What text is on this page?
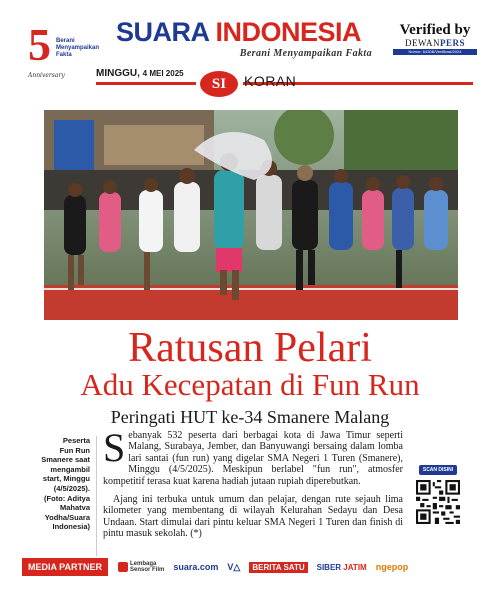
5 Berani
Menyampaikan
Fakta
Anniversary
SUARA INDONESIA
Berani Menyampaikan Fakta
Verified by
DEWANPERS
Nomor: 6430B/Verifikasi/2024
MINGGU, 4 MEI 2025
SI	KORAN
Ratusan Pelari
Adu Kecepatan di Fun Run
Peringati HUT ke-34 Smanere Malang
Peserta
Fun Run
Smanere saat
mengambil
start, Minggu
(4/5/2025).
(Foto: Aditya
Mahatva
Yodha/Suara
Indonesia)

Sebanyak 532 peserta dari berbagai kota di Jawa Timur seperti Malang, Surabaya, Jember, dan Banyuwangi bersaing dalam lomba lari santai (fun run) yang digelar SMA Negeri 1 Turen (Smanere), Minggu (4/5/2025). Meskipun berlabel "fun run", atmosfer kompetitif terasa kuat karena hadiah jutaan rupiah diperebutkan.

Ajang ini terbuka untuk umum dan pelajar, dengan rute sejauh lima kilometer yang membentang di wilayah Kelurahan Sedayu dan Desa Undaan. Start dimulai dari pintu keluar SMA Negeri 1 Turen dan finish di pintu masuk sekolah. (*)

SCAN DISINI
MEDIA PARTNER	Lembaga
Sensor Film suara.com V△	BERITA SATU	SIBER JATIM ngepop
